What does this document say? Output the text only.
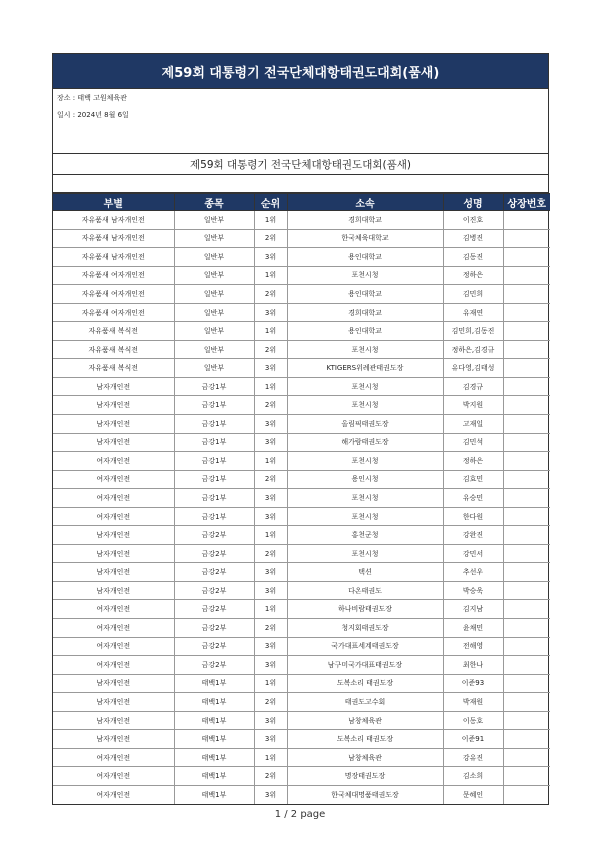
제59회 대통령기 전국단체대항태권도대회(품새)
장소 : 태백 고원체육관
일시 : 2024년 8월 6일
제59회 대통령기 전국단체대항태권도대회(품새)
부별	종목	순위	소속	성명	상장번호
자유품새 남자개인전	일반부	1위	경희대학교	이진호	
자유품새 남자개인전	일반부	2위	한국체육대학교	김병진	
자유품새 남자개인전	일반부	3위	용인대학교	김동진	
자유품새 여자개인전	일반부	1위	포천시청	정하은	
자유품새 여자개인전	일반부	2위	용인대학교	김민희	
자유품새 여자개인전	일반부	3위	경희대학교	유재연	
자유품새 복식전	일반부	1위	용인대학교	김민희,김동진	
자유품새 복식전	일반부	2위	포천시청	정하은,김경규	
자유품새 복식전	일반부	3위	KTIGERS위례관태권도장	유다영,김태성	
남자개인전	금강1부	1위	포천시청	김경규	
남자개인전	금강1부	2위	포천시청	박지원	
남자개인전	금강1부	3위	올림픽태권도장	고재일	
남자개인전	금강1부	3위	해가람태권도장	김민석	
여자개인전	금강1부	1위	포천시청	정하은	
여자개인전	금강1부	2위	용인시청	김효민	
여자개인전	금강1부	3위	포천시청	유승민	
여자개인전	금강1부	3위	포천시청	한다원	
남자개인전	금강2부	1위	홍천군청	강완진	
남자개인전	금강2부	2위	포천시청	강민서	
남자개인전	금강2부	3위	택션	추선우	
남자개인전	금강2부	3위	다온태권도	박승욱	
여자개인전	금강2부	1위	하나비람태권도장	김지남	
여자개인전	금강2부	2위	청지회태권도장	윤채민	
여자개인전	금강2부	3위	국가대표세계태권도장	전해영	
여자개인전	금강2부	3위	남구미국가대표태권도장	최한나	
남자개인전	태백1부	1위	도복소리 태권도장	이준93	
남자개인전	태백1부	2위	태권도고수회	박재원	
남자개인전	태백1부	3위	남창체육관	이동호	
남자개인전	태백1부	3위	도복소리 태권도장	이준91	
여자개인전	태백1부	1위	남창체육관	강유진	
여자개인전	태백1부	2위	명장태권도장	김소희	
여자개인전	태백1부	3위	한국체대명품태권도장	문혜인	
1 / 2 page
